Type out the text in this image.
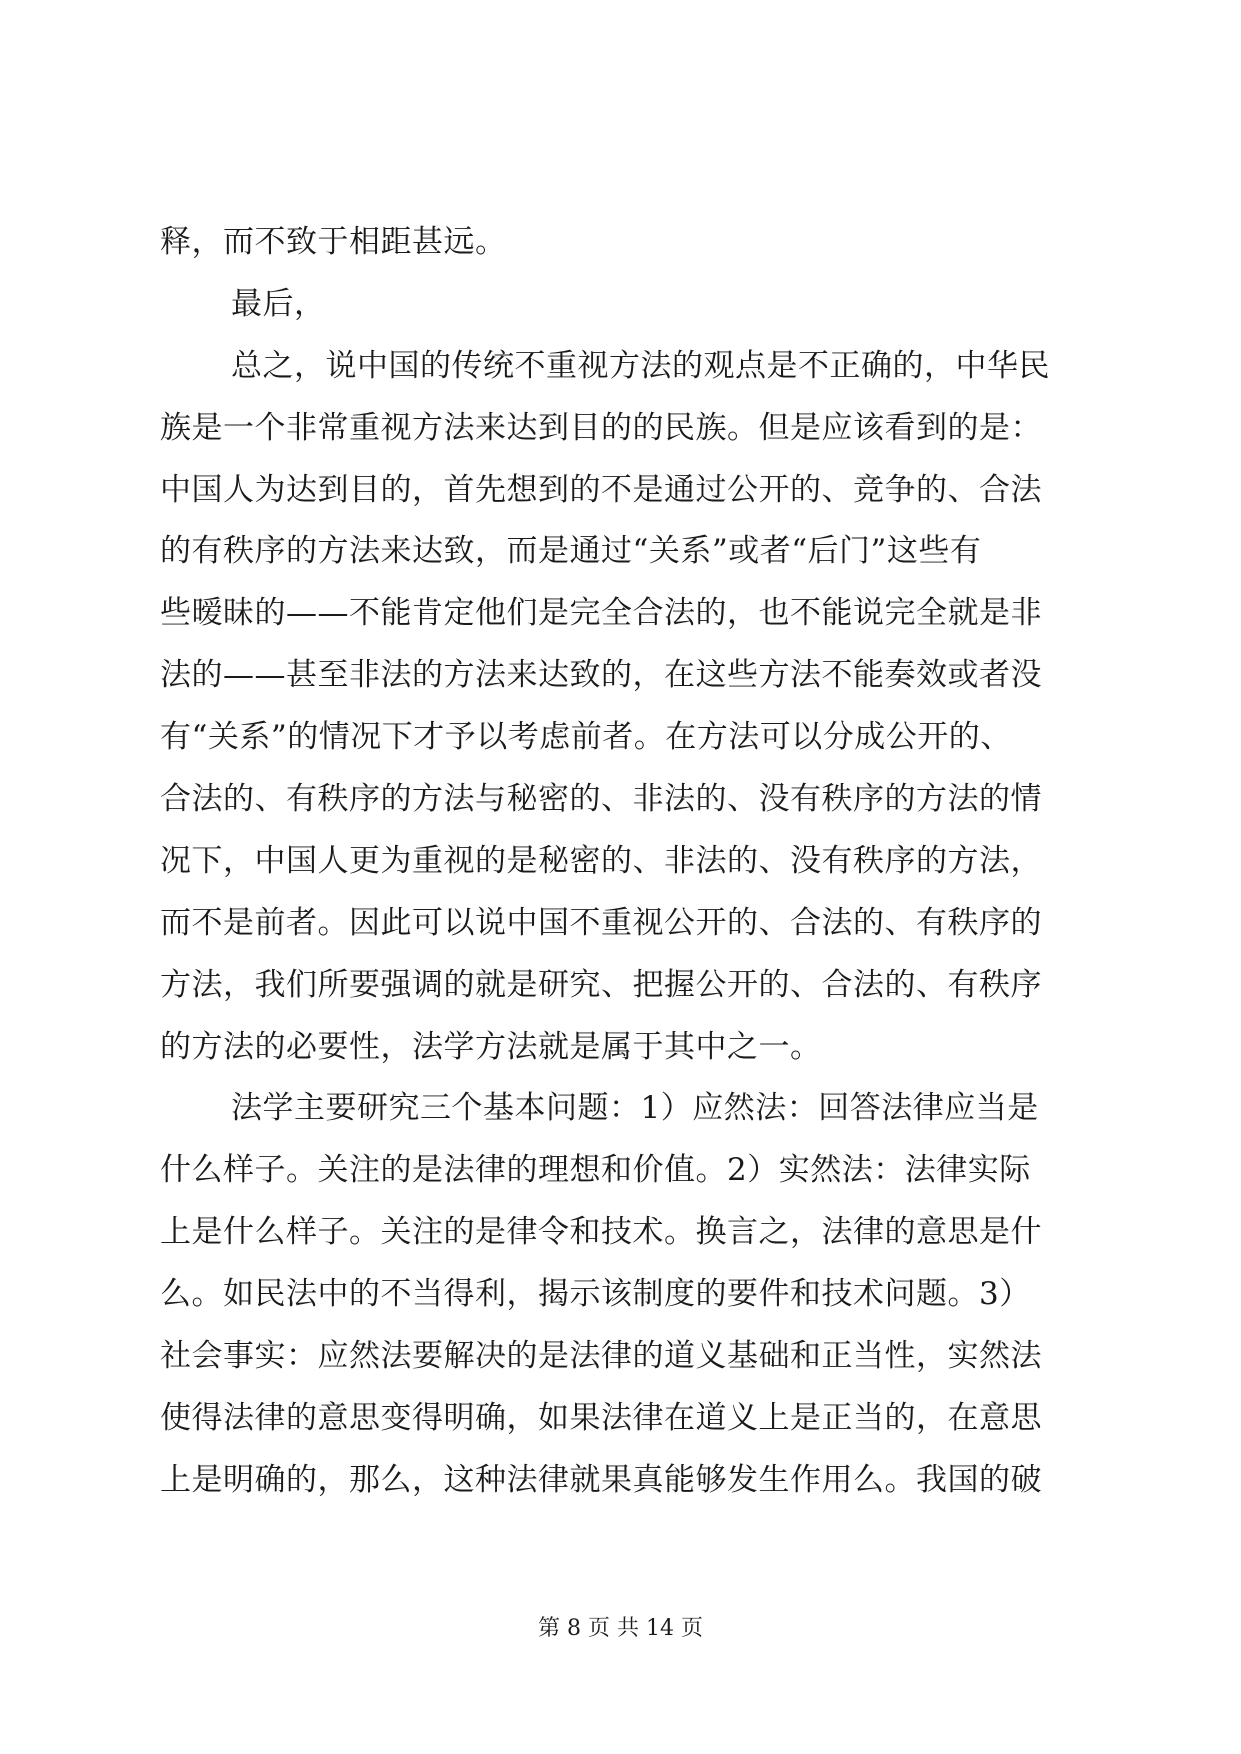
释，而不致于相距甚远。
最后，
总之，说中国的传统不重视方法的观点是不正确的，中华民
族是一个非常重视方法来达到目的的民族。但是应该看到的是：
中国人为达到目的，首先想到的不是通过公开的、竞争的、合法
的有秩序的方法来达致，而是通过“关系”或者“后门”这些有
些暧昧的——不能肯定他们是完全合法的，也不能说完全就是非
法的——甚至非法的方法来达致的，在这些方法不能奏效或者没
有“关系”的情况下才予以考虑前者。在方法可以分成公开的、
合法的、有秩序的方法与秘密的、非法的、没有秩序的方法的情
况下，中国人更为重视的是秘密的、非法的、没有秩序的方法，
而不是前者。因此可以说中国不重视公开的、合法的、有秩序的
方法，我们所要强调的就是研究、把握公开的、合法的、有秩序
的方法的必要性，法学方法就是属于其中之一。
法学主要研究三个基本问题：1）应然法：回答法律应当是
什么样子。关注的是法律的理想和价值。2）实然法：法律实际
上是什么样子。关注的是律令和技术。换言之，法律的意思是什
么。如民法中的不当得利，揭示该制度的要件和技术问题。3）
社会事实：应然法要解决的是法律的道义基础和正当性，实然法
使得法律的意思变得明确，如果法律在道义上是正当的，在意思
上是明确的，那么，这种法律就果真能够发生作用么。我国的破
第 8 页 共 14 页
